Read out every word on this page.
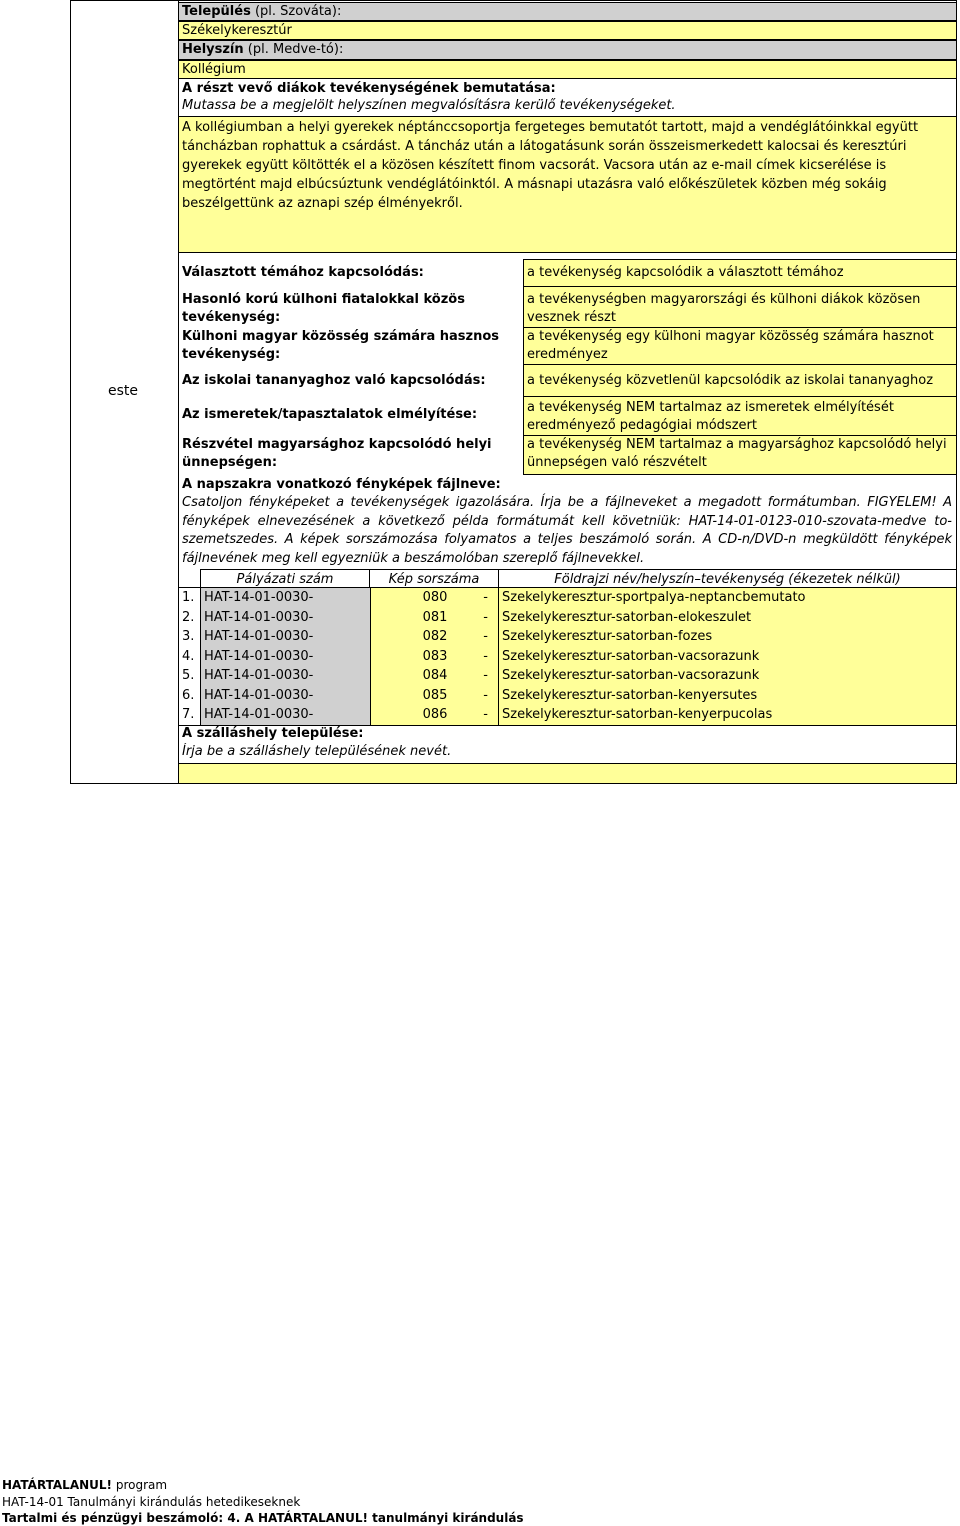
este
Település (pl. Szováta):
Székelykeresztúr
Helyszín (pl. Medve-tó):
Kollégium
A részt vevő diákok tevékenységének bemutatása:
Mutassa be a megjelölt helyszínen megvalósításra kerülő tevékenységeket.
A kollégiumban a helyi gyerekek néptánccsoportja fergeteges bemutatót tartott, majd a vendéglátóinkkal együtt táncházban rophattuk a csárdást. A táncház után a látogatásunk során összeismerkedett kalocsai és keresztúri gyerekek együtt költötték el a közösen készített finom vacsorát. Vacsora után az e-mail címek kicserélése is megtörtént majd elbúcsúztunk vendéglátóinktól. A másnapi utazásra való előkészületek közben még sokáig beszélgettünk az aznapi szép élményekről.
Választott témához kapcsolódás:	a tevékenység kapcsolódik a választott témához
Hasonló korú külhoni fiatalokkal közös tevékenység:
a tevékenységben magyarországi és külhoni diákok közösen vesznek részt
Külhoni magyar közösség számára hasznos tevékenység:
a tevékenység egy külhoni magyar közösség számára hasznot eredményez
Az iskolai tananyaghoz való kapcsolódás:	a tevékenység közvetlenül kapcsolódik az iskolai tananyaghoz
Az ismeretek/tapasztalatok elmélyítése:	a tevékenység NEM tartalmaz az ismeretek elmélyítését eredményező pedagógiai módszert
Részvétel magyarsághoz kapcsolódó helyi ünnepségen:
a tevékenység NEM tartalmaz a magyarsághoz kapcsolódó helyi ünnepségen való részvételt
A napszakra vonatkozó fényképek fájlneve:
Csatoljon fényképeket a tevékenységek igazolására. Írja be a fájlneveket a megadott formátumban. FIGYELEM! A fényképek elnevezésének a következő példa formátumát kell követniük: HAT-14-01-0123-010-szovata-medve to-szemetszedes. A képek sorszámozása folyamatos a teljes beszámoló során. A CD-n/DVD-n megküldött fényképek fájlnevének meg kell egyezniük a beszámolóban szereplő fájlnevekkel.
Pályázati szám	Kép sorszáma	Földrajzi név/helyszín–tevékenység (ékezetek nélkül)
1. HAT-14-01-0030-	080	-	Szekelykeresztur-sportpalya-neptancbemutato
2. HAT-14-01-0030-	081	-	Szekelykeresztur-satorban-elokeszulet
3. HAT-14-01-0030-	082	-	Szekelykeresztur-satorban-fozes
4. HAT-14-01-0030-	083	-	Szekelykeresztur-satorban-vacsorazunk
5. HAT-14-01-0030-	084	-	Szekelykeresztur-satorban-vacsorazunk
6. HAT-14-01-0030-	085	-	Szekelykeresztur-satorban-kenyersutes
7. HAT-14-01-0030-	086	-	Szekelykeresztur-satorban-kenyerpucolas
A szálláshely települése:
Írja be a szálláshely településének nevét.
HATÁRTALANUL! program
HAT-14-01 Tanulmányi kirándulás hetedikeseknek
Tartalmi és pénzügyi beszámoló: 4. A HATÁRTALANUL! tanulmányi kirándulás
